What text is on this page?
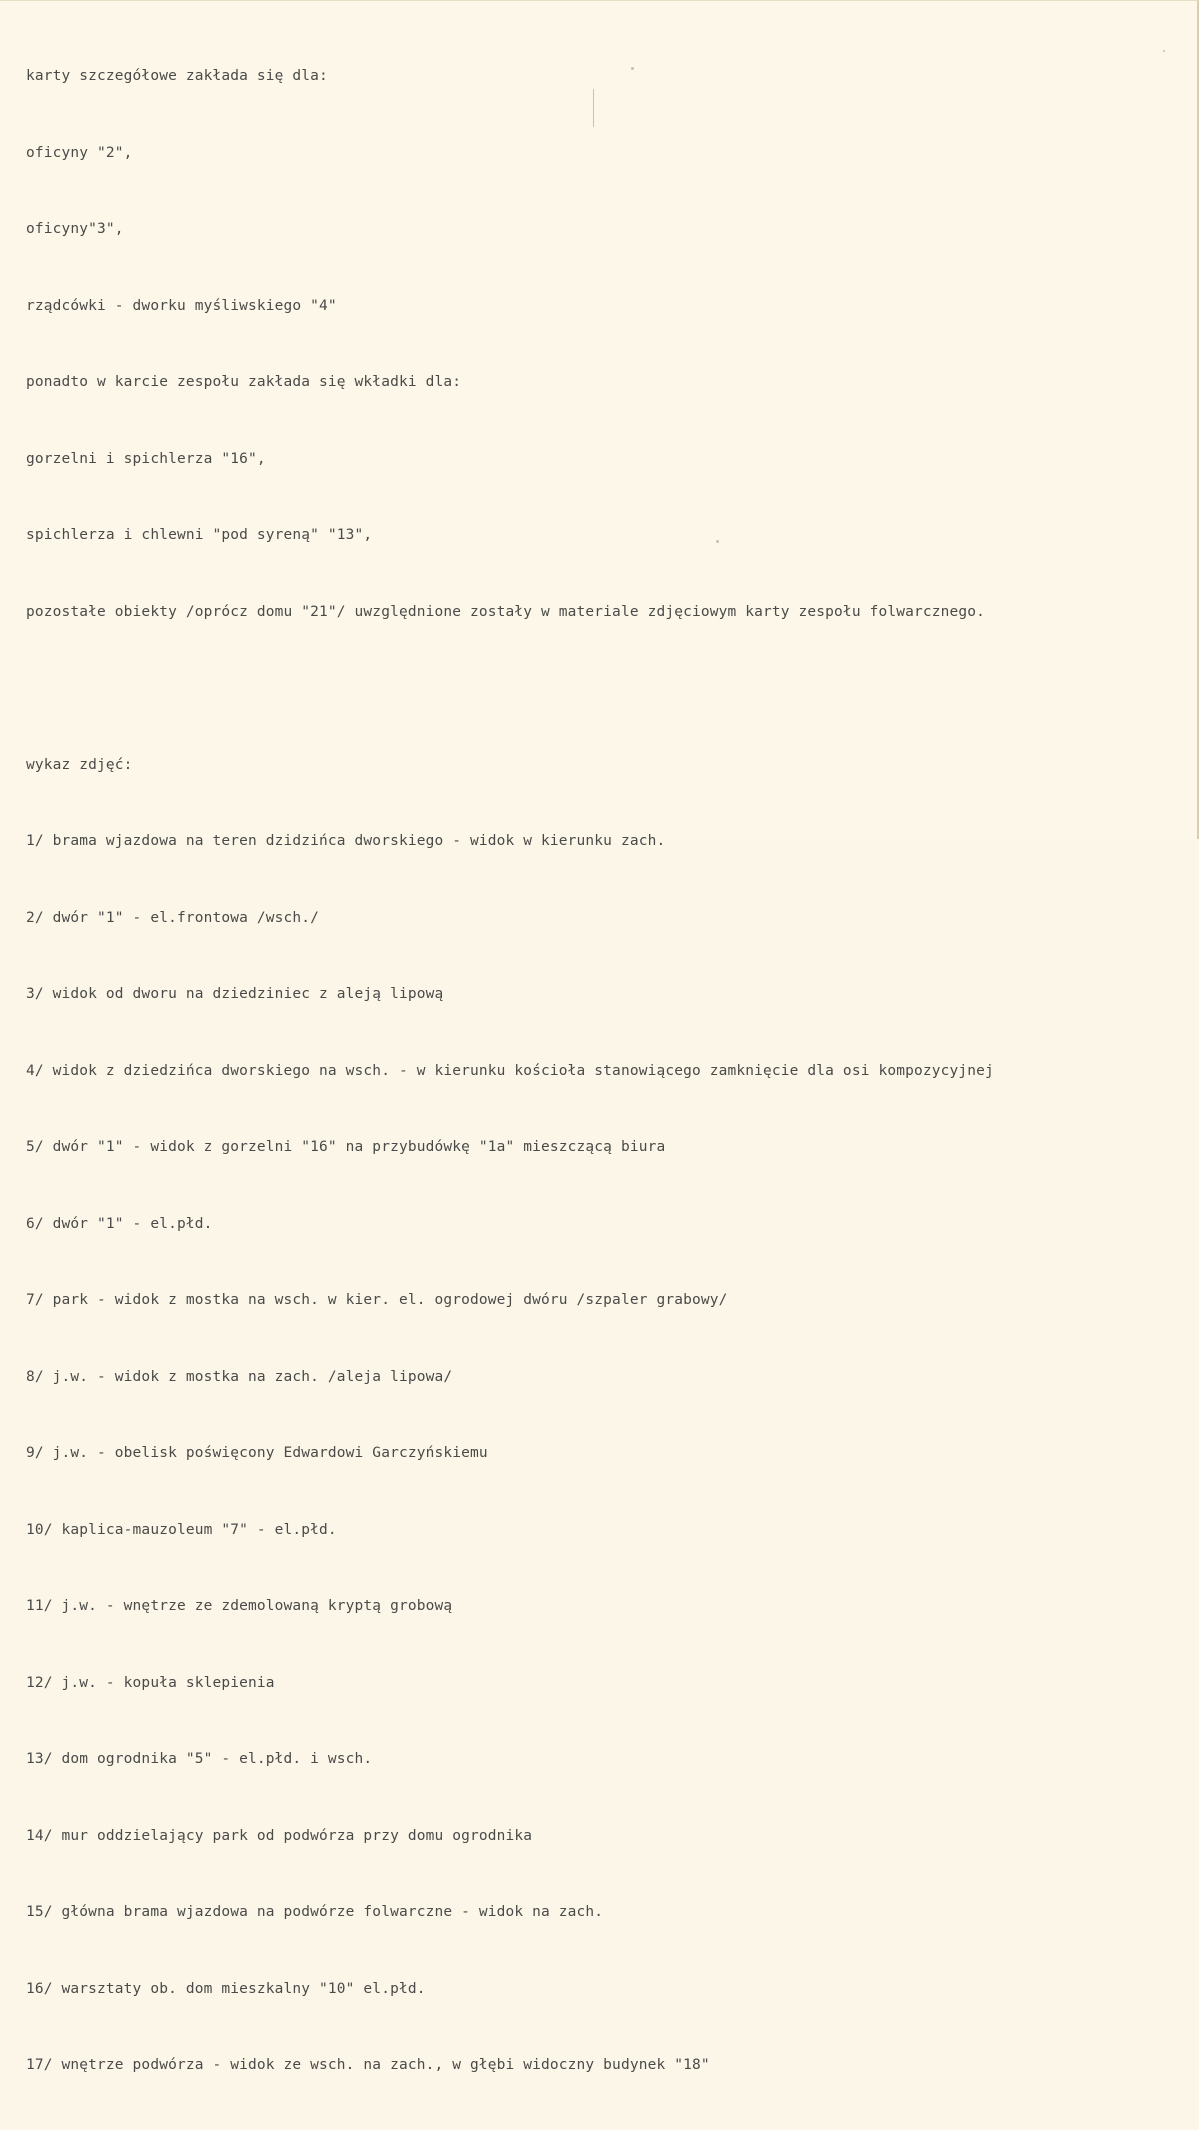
karty szczegółowe zakłada się dla:

oficyny "2",

oficyny"3",

rządcówki - dworku myśliwskiego "4"

ponadto w karcie zespołu zakłada się wkładki dla:

gorzelni i spichlerza "16",

spichlerza i chlewni "pod syreną" "13",

pozostałe obiekty /oprócz domu "21"/ uwzględnione zostały w materiale zdjęciowym karty zespołu folwarcznego.

wykaz zdjęć:

1/ brama wjazdowa na teren dzidzińca dworskiego - widok w kierunku zach.

2/ dwór "1" - el.frontowa /wsch./

3/ widok od dworu na dziedziniec z aleją lipową

4/ widok z dziedzińca dworskiego na wsch. - w kierunku kościoła stanowiącego zamknięcie dla osi kompozycyjnej

5/ dwór "1" - widok z gorzelni "16" na przybudówkę "1a" mieszczącą biura

6/ dwór "1" - el.płd.

7/ park - widok z mostka na wsch. w kier. el. ogrodowej dwóru /szpaler grabowy/

8/ j.w. - widok z mostka na zach. /aleja lipowa/

9/ j.w. - obelisk poświęcony Edwardowi Garczyńskiemu

10/ kaplica-mauzoleum "7" - el.płd.

11/ j.w. - wnętrze ze zdemolowaną kryptą grobową

12/ j.w. - kopuła sklepienia

13/ dom ogrodnika "5" - el.płd. i wsch.

14/ mur oddzielający park od podwórza przy domu ogrodnika

15/ główna brama wjazdowa na podwórze folwarczne - widok na zach.

16/ warsztaty ob. dom mieszkalny "10" el.płd.

17/ wnętrze podwórza - widok ze wsch. na zach., w głębi widoczny budynek "18"
